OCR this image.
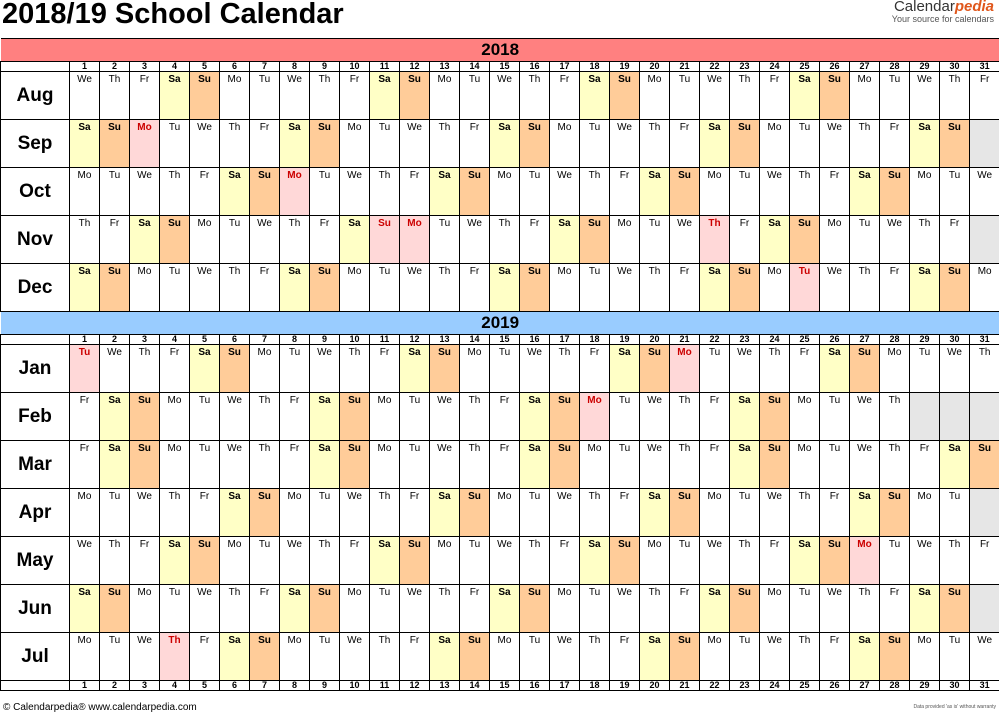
2018/19 School Calendar	Calendarpedia
Your source for calendars
2018																															
	1	2	3	4	5	6	7	8	9	10	11	12	13	14	15	16	17	18	19	20	21	22	23	24	25	26	27	28	29	30	31
Aug	We	Th	Fr	Sa	Su	Mo	Tu	We	Th	Fr	Sa	Su	Mo	Tu	We	Th	Fr	Sa	Su	Mo	Tu	We	Th	Fr	Sa	Su	Mo	Tu	We	Th	Fr
Sep	Sa	Su	Mo	Tu	We	Th	Fr	Sa	Su	Mo	Tu	We	Th	Fr	Sa	Su	Mo	Tu	We	Th	Fr	Sa	Su	Mo	Tu	We	Th	Fr	Sa	Su	
Oct	Mo	Tu	We	Th	Fr	Sa	Su	Mo	Tu	We	Th	Fr	Sa	Su	Mo	Tu	We	Th	Fr	Sa	Su	Mo	Tu	We	Th	Fr	Sa	Su	Mo	Tu	We
Nov	Th	Fr	Sa	Su	Mo	Tu	We	Th	Fr	Sa	Su	Mo	Tu	We	Th	Fr	Sa	Su	Mo	Tu	We	Th	Fr	Sa	Su	Mo	Tu	We	Th	Fr	
Dec	Sa	Su	Mo	Tu	We	Th	Fr	Sa	Su	Mo	Tu	We	Th	Fr	Sa	Su	Mo	Tu	We	Th	Fr	Sa	Su	Mo	Tu	We	Th	Fr	Sa	Su	Mo
2019																															
	1	2	3	4	5	6	7	8	9	10	11	12	13	14	15	16	17	18	19	20	21	22	23	24	25	26	27	28	29	30	31
Jan	Tu	We	Th	Fr	Sa	Su	Mo	Tu	We	Th	Fr	Sa	Su	Mo	Tu	We	Th	Fr	Sa	Su	Mo	Tu	We	Th	Fr	Sa	Su	Mo	Tu	We	Th
Feb	Fr	Sa	Su	Mo	Tu	We	Th	Fr	Sa	Su	Mo	Tu	We	Th	Fr	Sa	Su	Mo	Tu	We	Th	Fr	Sa	Su	Mo	Tu	We	Th			
Mar	Fr	Sa	Su	Mo	Tu	We	Th	Fr	Sa	Su	Mo	Tu	We	Th	Fr	Sa	Su	Mo	Tu	We	Th	Fr	Sa	Su	Mo	Tu	We	Th	Fr	Sa	Su
Apr	Mo	Tu	We	Th	Fr	Sa	Su	Mo	Tu	We	Th	Fr	Sa	Su	Mo	Tu	We	Th	Fr	Sa	Su	Mo	Tu	We	Th	Fr	Sa	Su	Mo	Tu	
May	We	Th	Fr	Sa	Su	Mo	Tu	We	Th	Fr	Sa	Su	Mo	Tu	We	Th	Fr	Sa	Su	Mo	Tu	We	Th	Fr	Sa	Su	Mo	Tu	We	Th	Fr
Jun	Sa	Su	Mo	Tu	We	Th	Fr	Sa	Su	Mo	Tu	We	Th	Fr	Sa	Su	Mo	Tu	We	Th	Fr	Sa	Su	Mo	Tu	We	Th	Fr	Sa	Su	
Jul	Mo	Tu	We	Th	Fr	Sa	Su	Mo	Tu	We	Th	Fr	Sa	Su	Mo	Tu	We	Th	Fr	Sa	Su	Mo	Tu	We	Th	Fr	Sa	Su	Mo	Tu	We
	1	2	3	4	5	6	7	8	9	10	11	12	13	14	15	16	17	18	19	20	21	22	23	24	25	26	27	28	29	30	31
© Calendarpedia® www.calendarpedia.com	Data provided 'as is' without warranty
